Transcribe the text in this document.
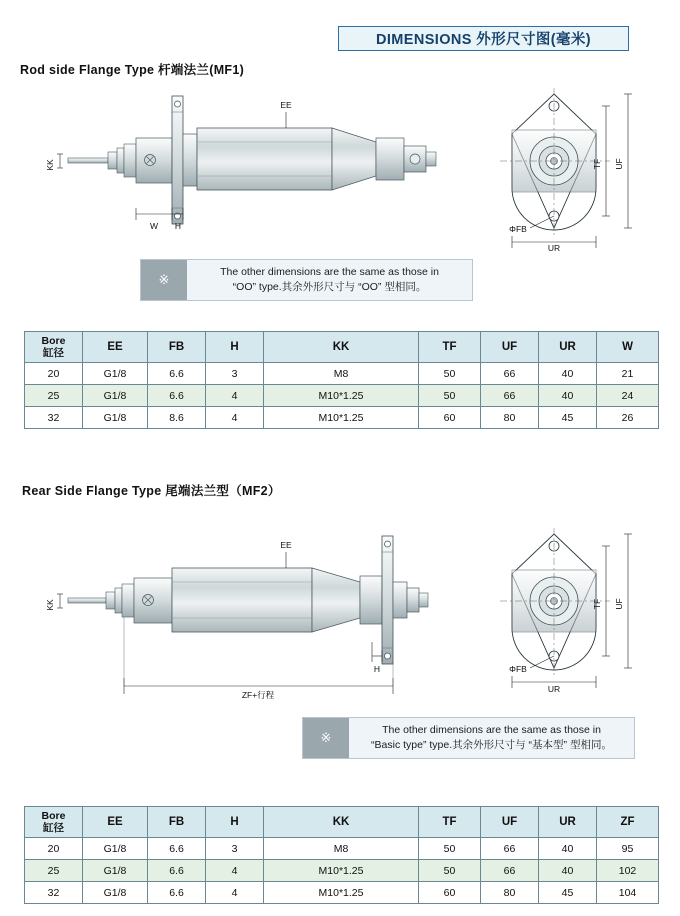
DIMENSIONS 外形尺寸图(毫米)
Rod side Flange Type 杆端法兰(MF1)
EE
KK
W H
TF UF
UR
ΦFB
※	The other dimensions are the same as those in
“OO” type.其余外形尺寸与 “OO” 型相同。
Bore
缸径	EE	FB	H	KK	TF	UF	UR	W
20	G1/8	6.6	3	M8	50	66	40	21
25	G1/8	6.6	4	M10*1.25	50	66	40	24
32	G1/8	8.6	4	M10*1.25	60	80	45	26
Rear Side Flange Type 尾端法兰型（MF2）
EE
KK
H
ZF+行程
TF UF
UR
ΦFB
※	The other dimensions are the same as those in
“Basic type” type.其余外形尺寸与 “基本型” 型相同。
Bore
缸径	EE	FB	H	KK	TF	UF	UR	ZF
20	G1/8	6.6	3	M8	50	66	40	95
25	G1/8	6.6	4	M10*1.25	50	66	40	102
32	G1/8	6.6	4	M10*1.25	60	80	45	104
